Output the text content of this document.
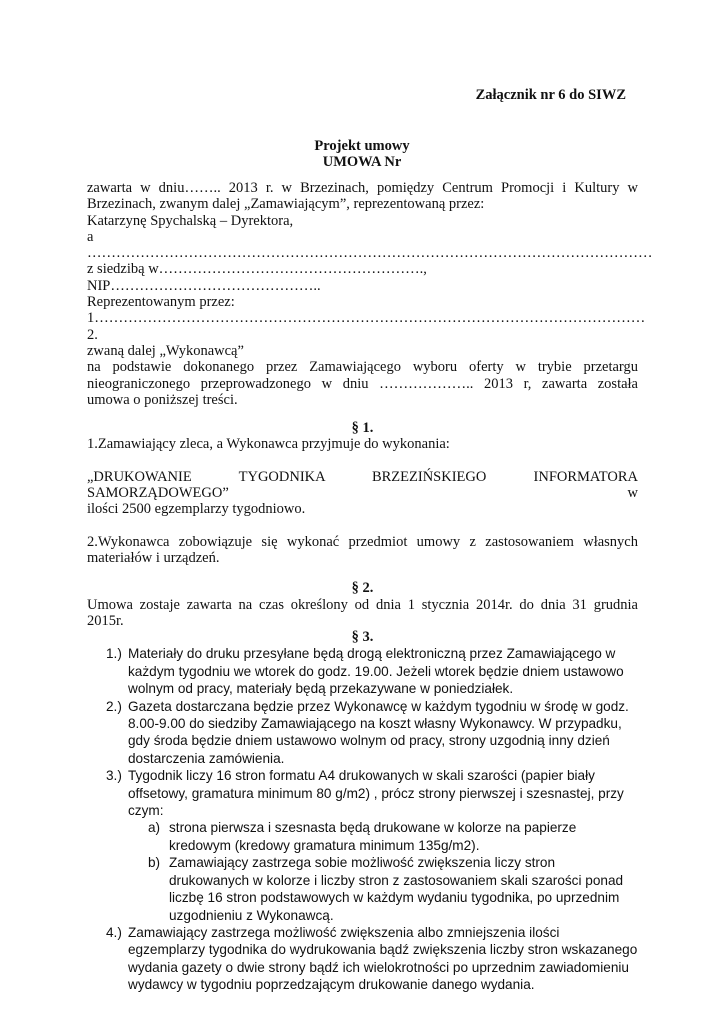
Załącznik nr 6 do SIWZ
Projekt umowy
UMOWA Nr

zawarta w dniu…….. 2013 r. w Brzezinach, pomiędzy Centrum Promocji i Kultury w

Brzezinach, zwanym dalej „Zamawiającym”, reprezentowaną przez:

Katarzynę Spychalską – Dyrektora,

a

………………………………………………………………………………………………………

z siedzibą w………………………………………………., NIP……………………………………..

Reprezentowanym przez:

1……………………………………………………………………………………………………2.

zwaną dalej „Wykonawcą”

na podstawie dokonanego przez Zamawiającego wyboru oferty w trybie przetargu

nieograniczonego przeprowadzonego w dniu ……………….. 2013 r, zawarta została

umowa o poniższej treści.

§ 1.

1.Zamawiający zleca, a Wykonawca przyjmuje do wykonania:

„DRUKOWANIE TYGODNIKA BRZEZIŃSKIEGO INFORMATORA SAMORZĄDOWEGO” w

ilości 2500 egzemplarzy tygodniowo.

2.Wykonawca zobowiązuje się wykonać przedmiot umowy z zastosowaniem własnych

materiałów i urządzeń.

§ 2.

Umowa zostaje zawarta na czas określony od dnia 1 stycznia 2014r. do dnia 31 grudnia

2015r.

§ 3.

1.) Materiały do druku przesyłane będą drogą elektroniczną przez Zamawiającego w każdym tygodniu we wtorek do godz. 19.00. Jeżeli wtorek będzie dniem ustawowo wolnym od pracy, materiały będą przekazywane w poniedziałek.
2.) Gazeta dostarczana będzie przez Wykonawcę w każdym tygodniu w środę w godz. 8.00-9.00 do siedziby Zamawiającego na koszt własny Wykonawcy. W przypadku, gdy środa będzie dniem ustawowo wolnym od pracy, strony uzgodnią inny dzień dostarczenia zamówienia.
3.) Tygodnik liczy 16 stron formatu A4 drukowanych w skali szarości (papier biały offsetowy, gramatura minimum 80 g/m2) , prócz strony pierwszej i szesnastej, przy czym:
a) strona pierwsza i szesnasta będą drukowane w kolorze na papierze kredowym (kredowy gramatura minimum 135g/m2).
b) Zamawiający zastrzega sobie możliwość zwiększenia liczy stron drukowanych w kolorze i liczby stron z zastosowaniem skali szarości ponad liczbę 16 stron podstawowych w każdym wydaniu tygodnika, po uprzednim uzgodnieniu z Wykonawcą.
4.) Zamawiający zastrzega możliwość zwiększenia albo zmniejszenia ilości egzemplarzy tygodnika do wydrukowania bądź zwiększenia liczby stron wskazanego wydania gazety o dwie strony bądź ich wielokrotności po uprzednim zawiadomieniu wydawcy w tygodniu poprzedzającym drukowanie danego wydania.
